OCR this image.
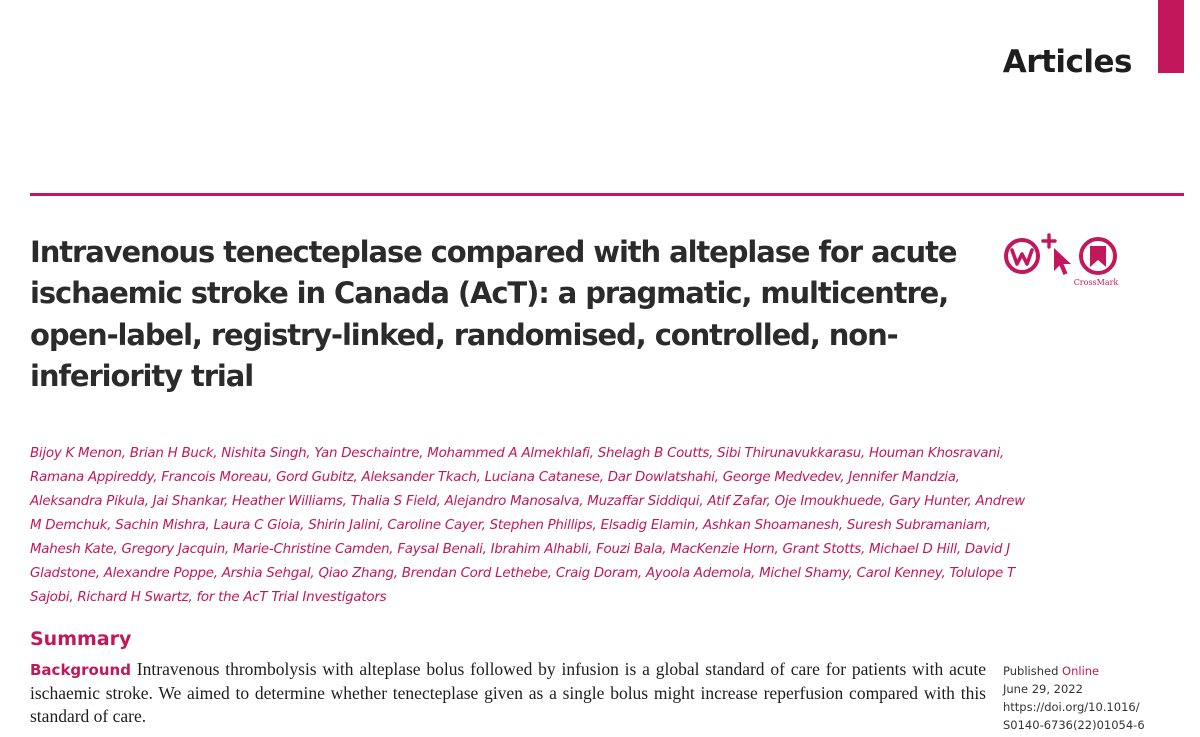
Articles
Intravenous tenecteplase compared with alteplase for acute ischaemic stroke in Canada (AcT): a pragmatic, multicentre, open-label, registry-linked, randomised, controlled, non-inferiority trial
CrossMark

Bijoy K Menon, Brian H Buck, Nishita Singh, Yan Deschaintre, Mohammed A Almekhlafi, Shelagh B Coutts, Sibi Thirunavukkarasu, Houman Khosravani, Ramana Appireddy, Francois Moreau, Gord Gubitz, Aleksander Tkach, Luciana Catanese, Dar Dowlatshahi, George Medvedev, Jennifer Mandzia, Aleksandra Pikula, Jai Shankar, Heather Williams, Thalia S Field, Alejandro Manosalva, Muzaffar Siddiqui, Atif Zafar, Oje Imoukhuede, Gary Hunter, Andrew M Demchuk, Sachin Mishra, Laura C Gioia, Shirin Jalini, Caroline Cayer, Stephen Phillips, Elsadig Elamin, Ashkan Shoamanesh, Suresh Subramaniam, Mahesh Kate, Gregory Jacquin, Marie-Christine Camden, Faysal Benali, Ibrahim Alhabli, Fouzi Bala, MacKenzie Horn, Grant Stotts, Michael D Hill, David J Gladstone, Alexandre Poppe, Arshia Sehgal, Qiao Zhang, Brendan Cord Lethebe, Craig Doram, Ayoola Ademola, Michel Shamy, Carol Kenney, Tolulope T Sajobi, Richard H Swartz, for the AcT Trial Investigators

Summary

Background Intravenous thrombolysis with alteplase bolus followed by infusion is a global standard of care for patients with acute ischaemic stroke. We aimed to determine whether tenecteplase given as a single bolus might increase reperfusion compared with this standard of care.

Published Online
June 29, 2022
https://doi.org/10.1016/
S0140-6736(22)01054-6
